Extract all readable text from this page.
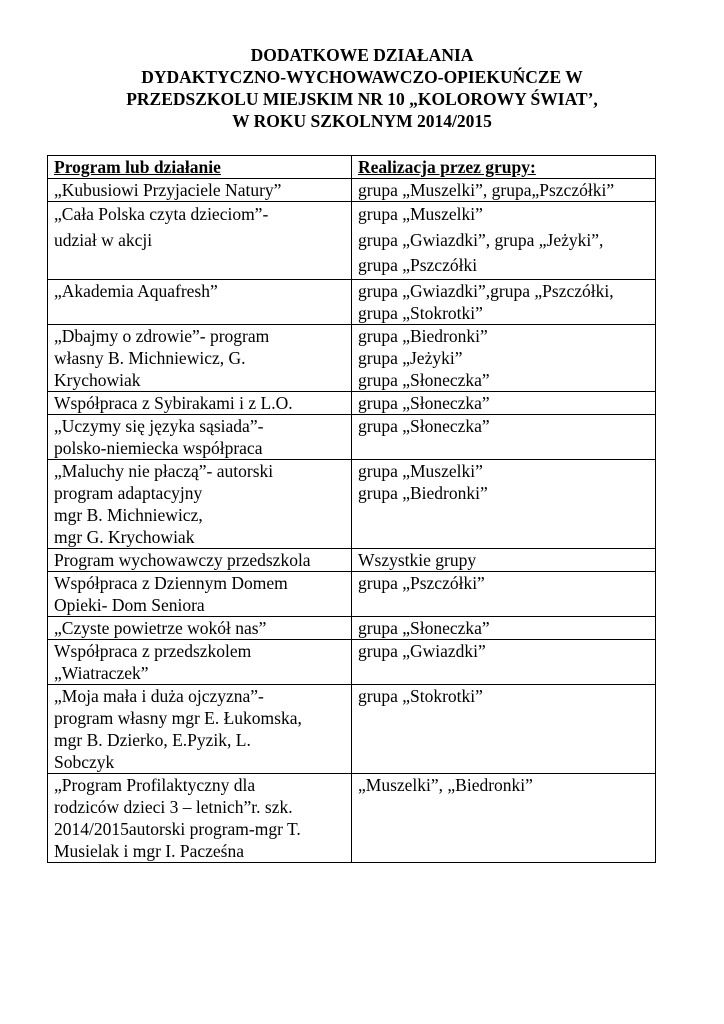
DODATKOWE DZIAŁANIA
DYDAKTYCZNO-WYCHOWAWCZO-OPIEKUŃCZE W
PRZEDSZKOLU MIEJSKIM NR 10 „KOLOROWY ŚWIAT’,
W ROKU SZKOLNYM 2014/2015
Program lub działanie	Realizacja przez grupy:

„Kubusiowi Przyjaciele Natury”	grupa „Muszelki”, grupa„Pszczółki”

„Cała Polska czyta dzieciom”-
udział w akcji	grupa „Muszelki”
grupa „Gwiazdki”, grupa „Jeżyki”,
grupa „Pszczółki

„Akademia Aquafresh”	grupa „Gwiazdki”,grupa „Pszczółki,
grupa „Stokrotki”

„Dbajmy o zdrowie”- program
własny B. Michniewicz, G.
Krychowiak	grupa „Biedronki”
grupa „Jeżyki”
grupa „Słoneczka”

Współpraca z Sybirakami i z L.O.	grupa „Słoneczka”

„Uczymy się języka sąsiada”-
polsko-niemiecka współpraca	grupa „Słoneczka”

„Maluchy nie płaczą”- autorski
program adaptacyjny
mgr B. Michniewicz,
mgr G. Krychowiak	grupa „Muszelki”
grupa „Biedronki”

Program wychowawczy przedszkola	Wszystkie grupy

Współpraca z Dziennym Domem
Opieki- Dom Seniora	grupa „Pszczółki”

„Czyste powietrze wokół nas”	grupa „Słoneczka”

Współpraca z przedszkolem
„Wiatraczek”	grupa „Gwiazdki”

„Moja mała i duża ojczyzna”-
program własny mgr E. Łukomska,
mgr B. Dzierko, E.Pyzik, L.
Sobczyk	grupa „Stokrotki”

„Program Profilaktyczny dla
rodziców dzieci 3 – letnich”r. szk.
2014/2015autorski program-mgr T.
Musielak i mgr I. Pacześna	„Muszelki”, „Biedronki”
